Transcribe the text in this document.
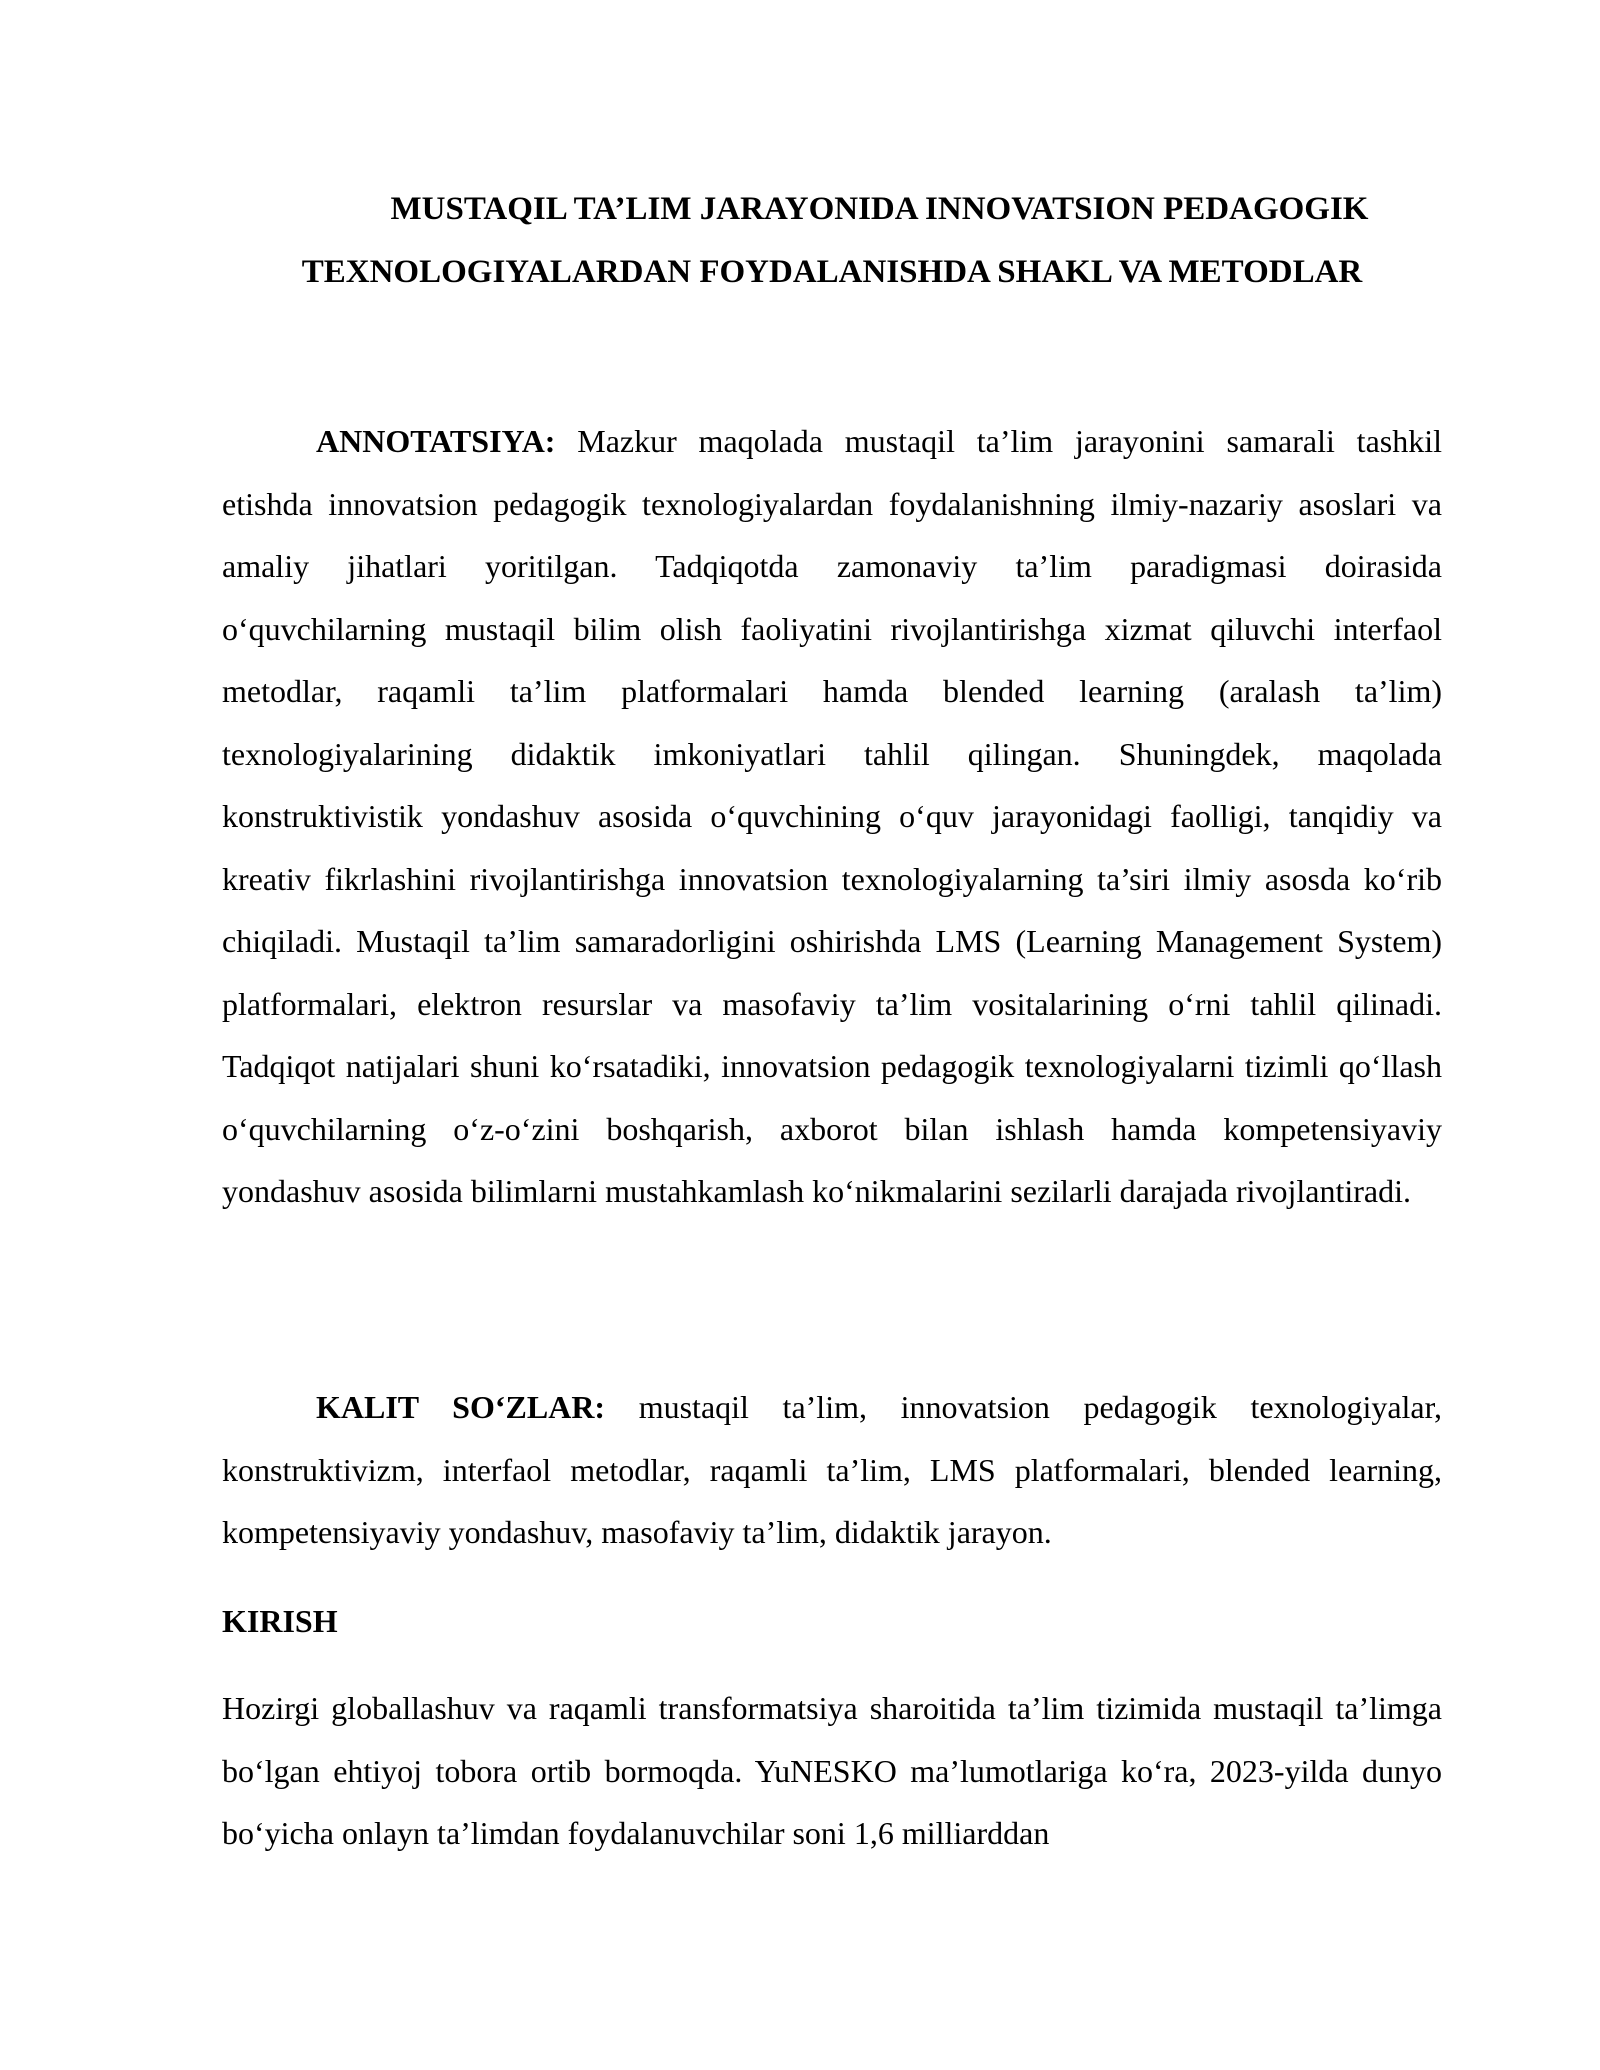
MUSTAQIL TA’LIM JARAYONIDA INNOVATSION PEDAGOGIK
TEXNOLOGIYALARDAN FOYDALANISHDA SHAKL VA METODLAR

ANNOTATSIYA: Mazkur maqolada mustaqil ta’lim jarayonini samarali tashkil etishda innovatsion pedagogik texnologiyalardan foydalanishning ilmiy-nazariy asoslari va amaliy jihatlari yoritilgan. Tadqiqotda zamonaviy ta’lim paradigmasi doirasida o‘quvchilarning mustaqil bilim olish faoliyatini rivojlantirishga xizmat qiluvchi interfaol metodlar, raqamli ta’lim platformalari hamda blended learning (aralash ta’lim) texnologiyalarining didaktik imkoniyatlari tahlil qilingan. Shuningdek, maqolada konstruktivistik yondashuv asosida o‘quvchining o‘quv jarayonidagi faolligi, tanqidiy va kreativ fikrlashini rivojlantirishga innovatsion texnologiyalarning ta’siri ilmiy asosda ko‘rib chiqiladi. Mustaqil ta’lim samaradorligini oshirishda LMS (Learning Management System) platformalari, elektron resurslar va masofaviy ta’lim vositalarining o‘rni tahlil qilinadi. Tadqiqot natijalari shuni ko‘rsatadiki, innovatsion pedagogik texnologiyalarni tizimli qo‘llash o‘quvchilarning o‘z-o‘zini boshqarish, axborot bilan ishlash hamda kompetensiyaviy yondashuv asosida bilimlarni mustahkamlash ko‘nikmalarini sezilarli darajada rivojlantiradi.

KALIT SO‘ZLAR: mustaqil ta’lim, innovatsion pedagogik texnologiyalar, konstruktivizm, interfaol metodlar, raqamli ta’lim, LMS platformalari, blended learning, kompetensiyaviy yondashuv, masofaviy ta’lim, didaktik jarayon.

KIRISH

Hozirgi globallashuv va raqamli transformatsiya sharoitida ta’lim tizimida mustaqil ta’limga bo‘lgan ehtiyoj tobora ortib bormoqda. YuNESKO ma’lumotlariga ko‘ra, 2023-yilda dunyo bo‘yicha onlayn ta’limdan foydalanuvchilar soni 1,6 milliarddan
